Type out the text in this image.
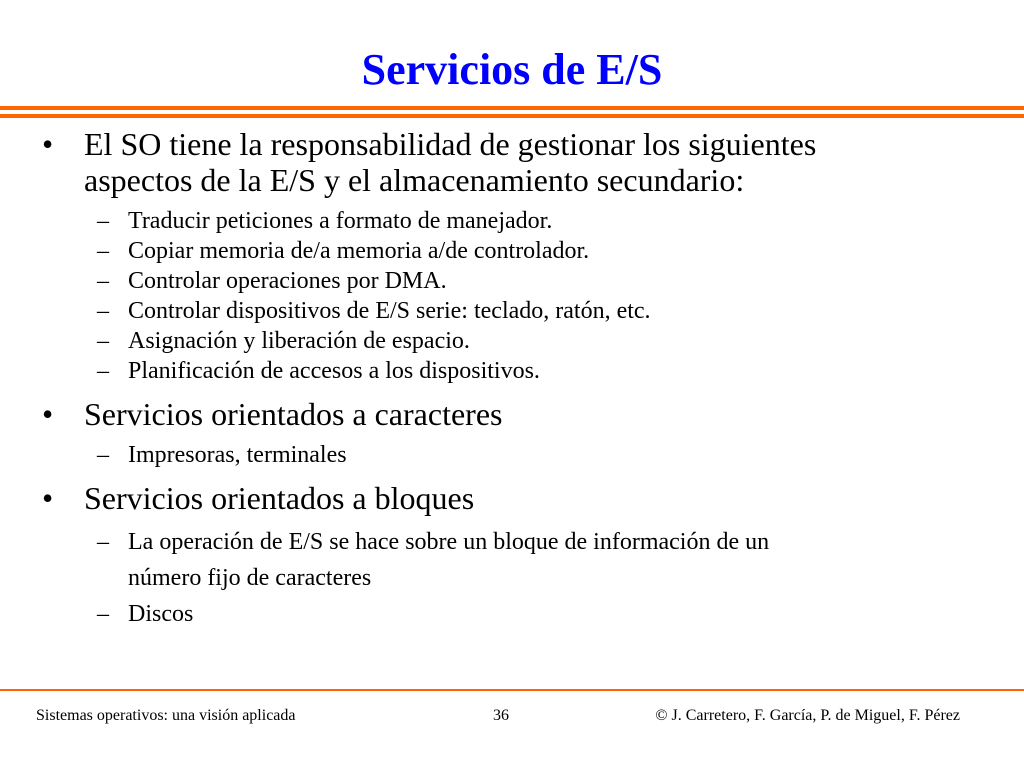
Servicios de E/S
• El SO tiene la responsabilidad de gestionar los siguientes
aspectos de la E/S y el almacenamiento secundario:
– Traducir peticiones a formato de manejador.
– Copiar memoria de/a memoria a/de controlador.
– Controlar operaciones por DMA.
– Controlar dispositivos de E/S serie: teclado, ratón, etc.
– Asignación y liberación de espacio.
– Planificación de accesos a los dispositivos.
• Servicios orientados a caracteres
– Impresoras, terminales
• Servicios orientados a bloques
– La operación de E/S se hace sobre un bloque de información de un
número fijo de caracteres
– Discos
Sistemas operativos: una visión aplicada	36	© J. Carretero, F. García, P. de Miguel, F. Pérez
